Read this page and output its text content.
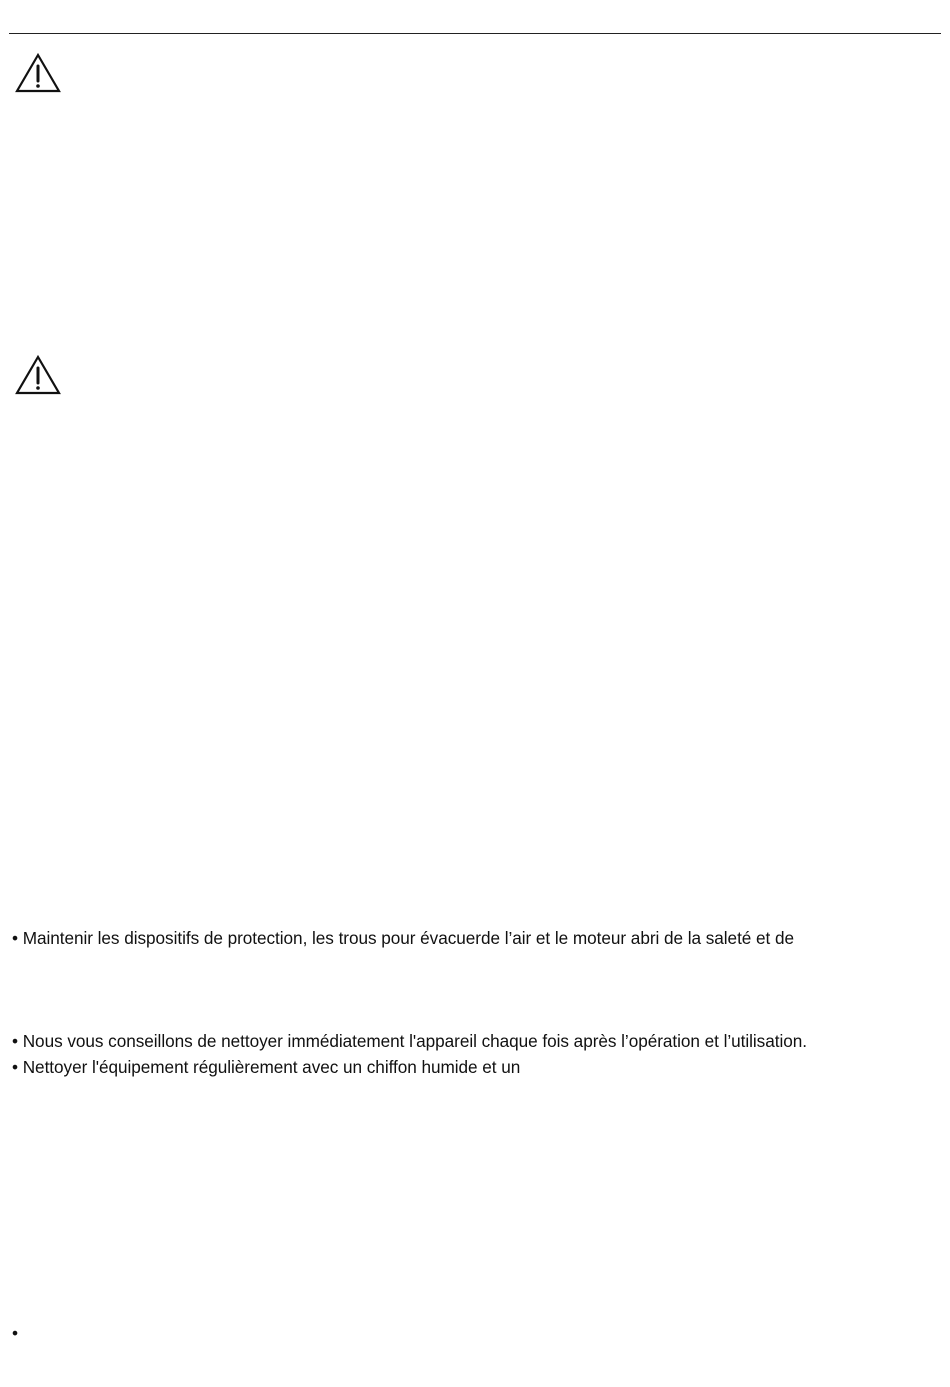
• Maintenir les dispositifs de protection, les trous pour évacuerde l’air et le moteur abri de la saleté et de
• Nous vous conseillons de nettoyer immédiatement l'appareil chaque fois après l’opération et l’utilisation.
• Nettoyer l'équipement régulièrement avec un chiffon humide et un
•
